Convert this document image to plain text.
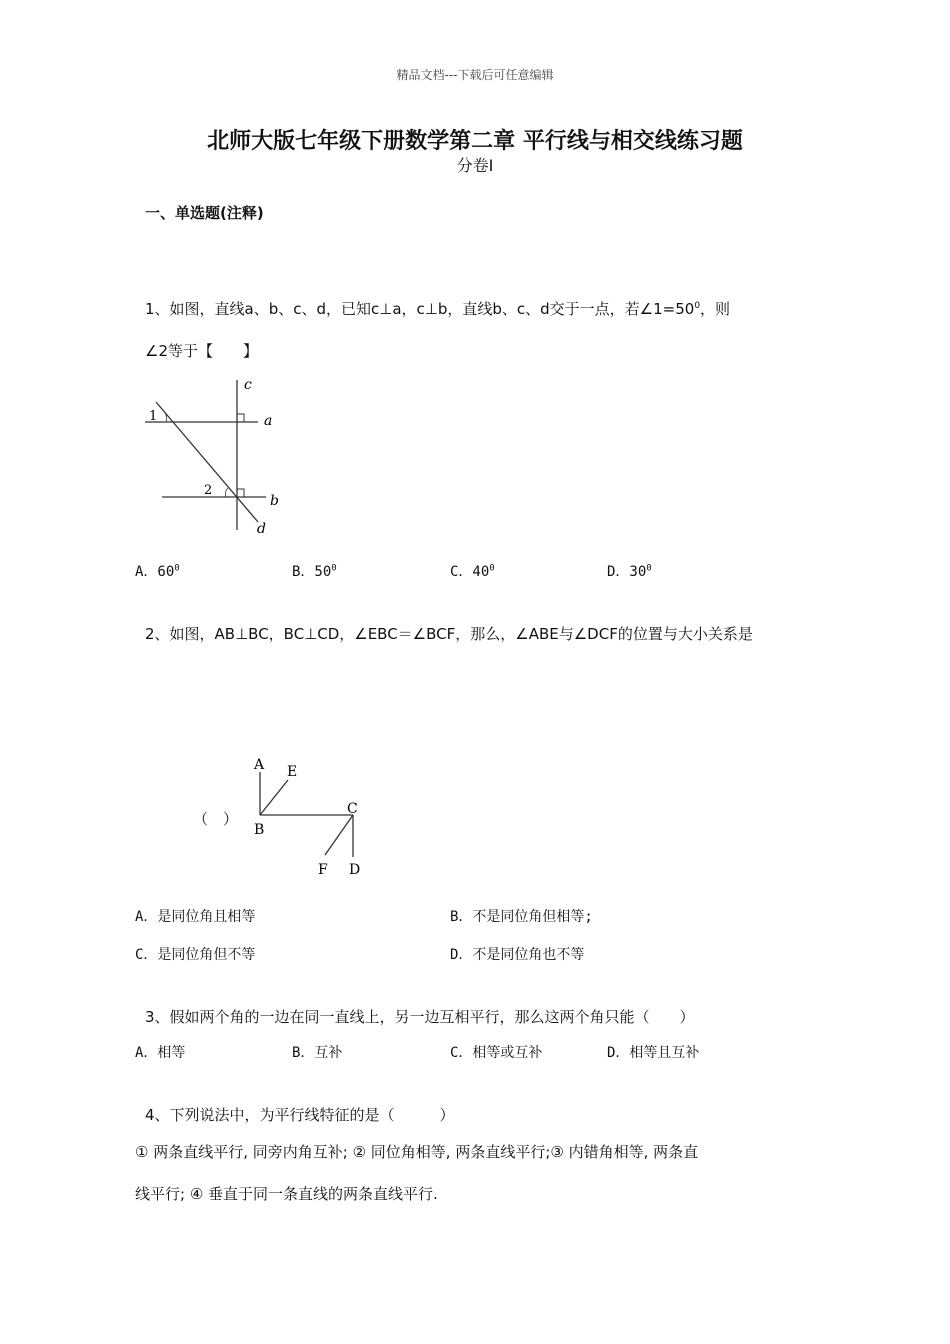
精品文档---下载后可任意编辑
北师大版七年级下册数学第二章 平行线与相交线练习题
分卷I
一、单选题(注释)
1、如图，直线a、b、c、d，已知c⊥a，c⊥b，直线b、c、d交于一点，若$\angle 1=50^0$，则
∠2等于【　　】
c
a
b
d
1
2
A．$60^0$	B．$50^0$	C．$40^0$	D．$30^0$
2、如图，AB⊥BC，BC⊥CD，∠EBC＝∠BCF，那么，∠ABE与∠DCF的位置与大小关系是
（　）
A E
B
C
F D
A．是同位角且相等	B．不是同位角但相等;
C．是同位角但不等	D．不是同位角也不等
3、假如两个角的一边在同一直线上，另一边互相平行，那么这两个角只能（　　）
A．相等	B．互补	C．相等或互补	D．相等且互补
4、下列说法中，为平行线特征的是（　　　）
① 两条直线平行, 同旁内角互补; ② 同位角相等, 两条直线平行;③ 内错角相等, 两条直
线平行; ④ 垂直于同一条直线的两条直线平行.
